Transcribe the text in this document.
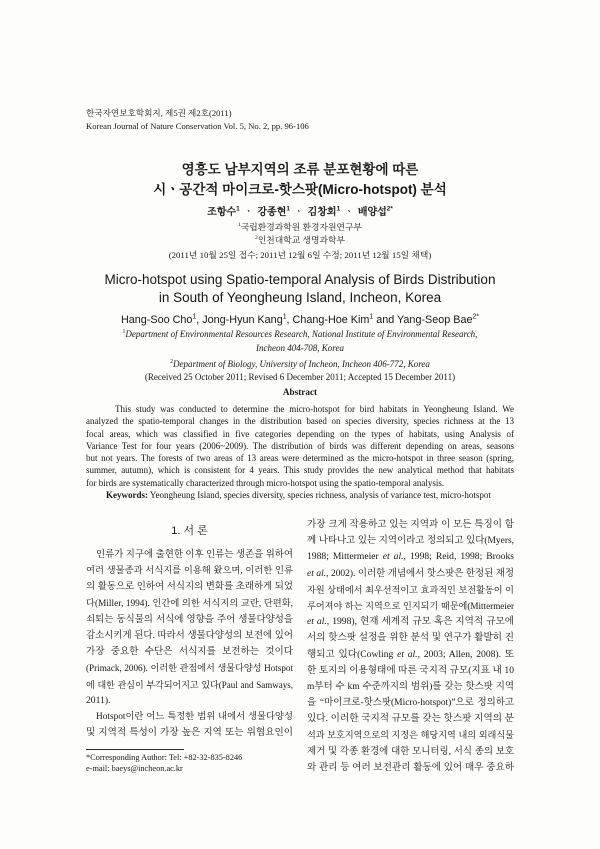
한국자연보호학회지, 제5권 제2호(2011)
Korean Journal of Nature Conservation Vol. 5, No. 2, pp. 96-106
영흥도 남부지역의 조류 분포현황에 따른
시ㆍ공간적 마이크로-핫스팟(Micro-hotspot) 분석
조항수$^1$ ㆍ 강종현$^1$ ㆍ 김창회$^1$ ㆍ 배양섭$^{2*}$
$^1$국립환경과학원 환경자원연구부
$^2$인천대학교 생명과학부
(2011년 10월 25일 접수; 2011년 12월 6일 수정; 2011년 12월 15일 채택)
Micro-hotspot using Spatio-temporal Analysis of Birds Distribution
in South of Yeongheung Island, Incheon, Korea
Hang-Soo Cho$^1$, Jong-Hyun Kang$^1$, Chang-Hoe Kim$^1$ and Yang-Seop Bae$^{2*}$
$^1$Department of Environmental Resources Research, National Institute of Environmental Research,
Incheon 404-708, Korea
$^2$Department of Biology, University of Incheon, Incheon 406-772, Korea
(Received 25 October 2011; Revised 6 December 2011; Accepted 15 December 2011)
Abstract
This study was conducted to determine the micro-hotspot for bird habitats in Yeongheung Island. We
analyzed the spatio-temporal changes in the distribution based on species diversity, species richness at the 13
focal areas, which was classified in five categories depending on the types of habitats, using Analysis of
Variance Test for four years (2006~2009). The distribution of birds was different depending on areas, seasons
but not years. The forests of two areas of 13 areas were determined as the micro-hotspot in three season (spring,
summer, autumn), which is consistent for 4 years. This study provides the new analytical method that habitats
for birds are systematically characterized through micro-hotspot using the spatio-temporal analysis.
Keywords: Yeongheung Island, species diversity, species richness, analysis of variance test, micro-hotspot
1. 서 론
인류가 지구에 출현한 이후 인류는 생존을 위하여
여러 생물종과 서식지를 이용해 왔으며, 이러한 인류
의 활동으로 인하여 서식지의 변화를 초래하게 되었
다(Miller, 1994). 인간에 의한 서식지의 교란, 단편화,
쇠퇴는 동식물의 서식에 영향을 주어 생물다양성을
감소시키게 된다. 따라서 생물다양성의 보전에 있어
가장 중요한 수단은 서식지를 보전하는 것이다
(Primack, 2006). 이러한 관점에서 생물다양성 Hotspot
에 대한 관심이 부각되어지고 있다(Paul and Samways,
2011).
Hotspot이란 어느 특정한 범위 내에서 생물다양성
및 지역적 특성이 가장 높은 지역 또는 위협요인이
가장 크게 작용하고 있는 지역과 이 모든 특징이 함
께 나타나고 있는 지역이라고 정의되고 있다(Myers,
1988; Mittermeier et al., 1998; Reid, 1998; Brooks
et al., 2002). 이러한 개념에서 핫스팟은 한정된 재정
자원 상태에서 최우선적이고 효과적인 보전활동이 이
루어져야 하는 지역으로 인지되기 때문에(Mittermeier
et al., 1998), 현재 세계적 규모 혹은 지역적 규모에
서의 핫스팟 설정을 위한 분석 및 연구가 활발히 진
행되고 있다(Cowling et al., 2003; Allen, 2008). 또
한 토지의 이용형태에 따른 국지적 규모(지표 내 10
m부터 수 km 수준까지의 범위)를 갖는 핫스팟 지역
을 “마이크로-핫스팟(Micro-hotspot)”으로 정의하고
있다. 이러한 국지적 규모를 갖는 핫스팟 지역의 분
석과 보호지역으로의 지정은 해당지역 내의 외래식물
제거 및 각종 환경에 대한 모니터링, 서식 종의 보호
와 관리 등 여러 보전관리 활동에 있어 매우 중요하
*Corresponding Author: Tel: +82-32-835-8246
e-mail: baeys@incheon.ac.kr
